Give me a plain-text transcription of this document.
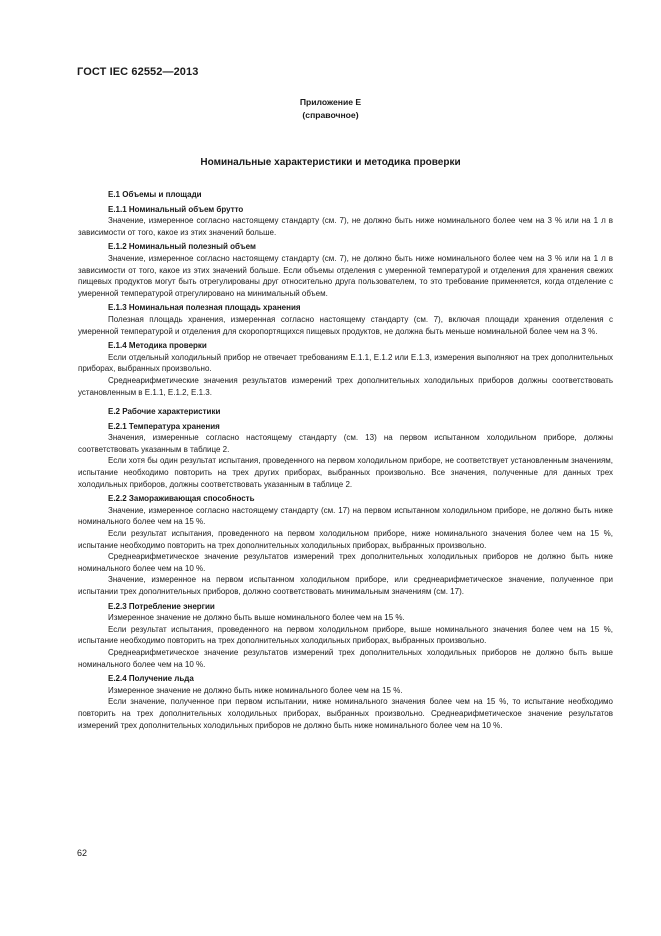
ГОСТ IEC 62552—2013
Приложение Е
(справочное)
Номинальные характеристики и методика проверки

Е.1 Объемы и площади

Е.1.1 Номинальный объем брутто

Значение, измеренное согласно настоящему стандарту (см. 7), не должно быть ниже номинального более чем на 3 % или на 1 л в зависимости от того, какое из этих значений больше.

Е.1.2 Номинальный полезный объем

Значение, измеренное согласно настоящему стандарту (см. 7), не должно быть ниже номинального более чем на 3 % или на 1 л в зависимости от того, какое из этих значений больше. Если объемы отделения с умеренной температурой и отделения для хранения свежих пищевых продуктов могут быть отрегулированы друг относительно друга пользователем, то это требование применяется, когда отделение с умеренной температурой отрегулировано на минимальный объем.

Е.1.3 Номинальная полезная площадь хранения

Полезная площадь хранения, измеренная согласно настоящему стандарту (см. 7), включая площади хранения отделения с умеренной температурой и отделения для скоропортящихся пищевых продуктов, не должна быть меньше номинальной более чем на 3 %.

Е.1.4 Методика проверки

Если отдельный холодильный прибор не отвечает требованиям Е.1.1, Е.1.2 или Е.1.3, измерения выполняют на трех дополнительных приборах, выбранных произвольно.

Среднеарифметические значения результатов измерений трех дополнительных холодильных приборов должны соответствовать установленным в Е.1.1, Е.1.2, Е.1.3.

Е.2 Рабочие характеристики

Е.2.1 Температура хранения

Значения, измеренные согласно настоящему стандарту (см. 13) на первом испытанном холодильном приборе, должны соответствовать указанным в таблице 2.

Если хотя бы один результат испытания, проведенного на первом холодильном приборе, не соответствует установленным значениям, испытание необходимо повторить на трех других приборах, выбранных произвольно. Все значения, полученные для данных трех холодильных приборов, должны соответствовать указанным в таблице 2.

Е.2.2 Замораживающая способность

Значение, измеренное согласно настоящему стандарту (см. 17) на первом испытанном холодильном приборе, не должно быть ниже номинального более чем на 15 %.

Если результат испытания, проведенного на первом холодильном приборе, ниже номинального значения более чем на 15 %, испытание необходимо повторить на трех дополнительных холодильных приборах, выбранных произвольно.

Среднеарифметическое значение результатов измерений трех дополнительных холодильных приборов не должно быть ниже номинального более чем на 10 %.

Значение, измеренное на первом испытанном холодильном приборе, или среднеарифметическое значение, полученное при испытании трех дополнительных приборов, должно соответствовать минимальным значениям (см. 17).

Е.2.3 Потребление энергии

Измеренное значение не должно быть выше номинального более чем на 15 %.

Если результат испытания, проведенного на первом холодильном приборе, выше номинального значения более чем на 15 %, испытание необходимо повторить на трех дополнительных холодильных приборах, выбранных произвольно.

Среднеарифметическое значение результатов измерений трех дополнительных холодильных приборов не должно быть выше номинального более чем на 10 %.

Е.2.4 Получение льда

Измеренное значение не должно быть ниже номинального более чем на 15 %.

Если значение, полученное при первом испытании, ниже номинального значения более чем на 15 %, то испытание необходимо повторить на трех дополнительных холодильных приборах, выбранных произвольно. Среднеарифметическое значение результатов измерений трех дополнительных холодильных приборов не должно быть ниже номинального более чем на 10 %.

62
